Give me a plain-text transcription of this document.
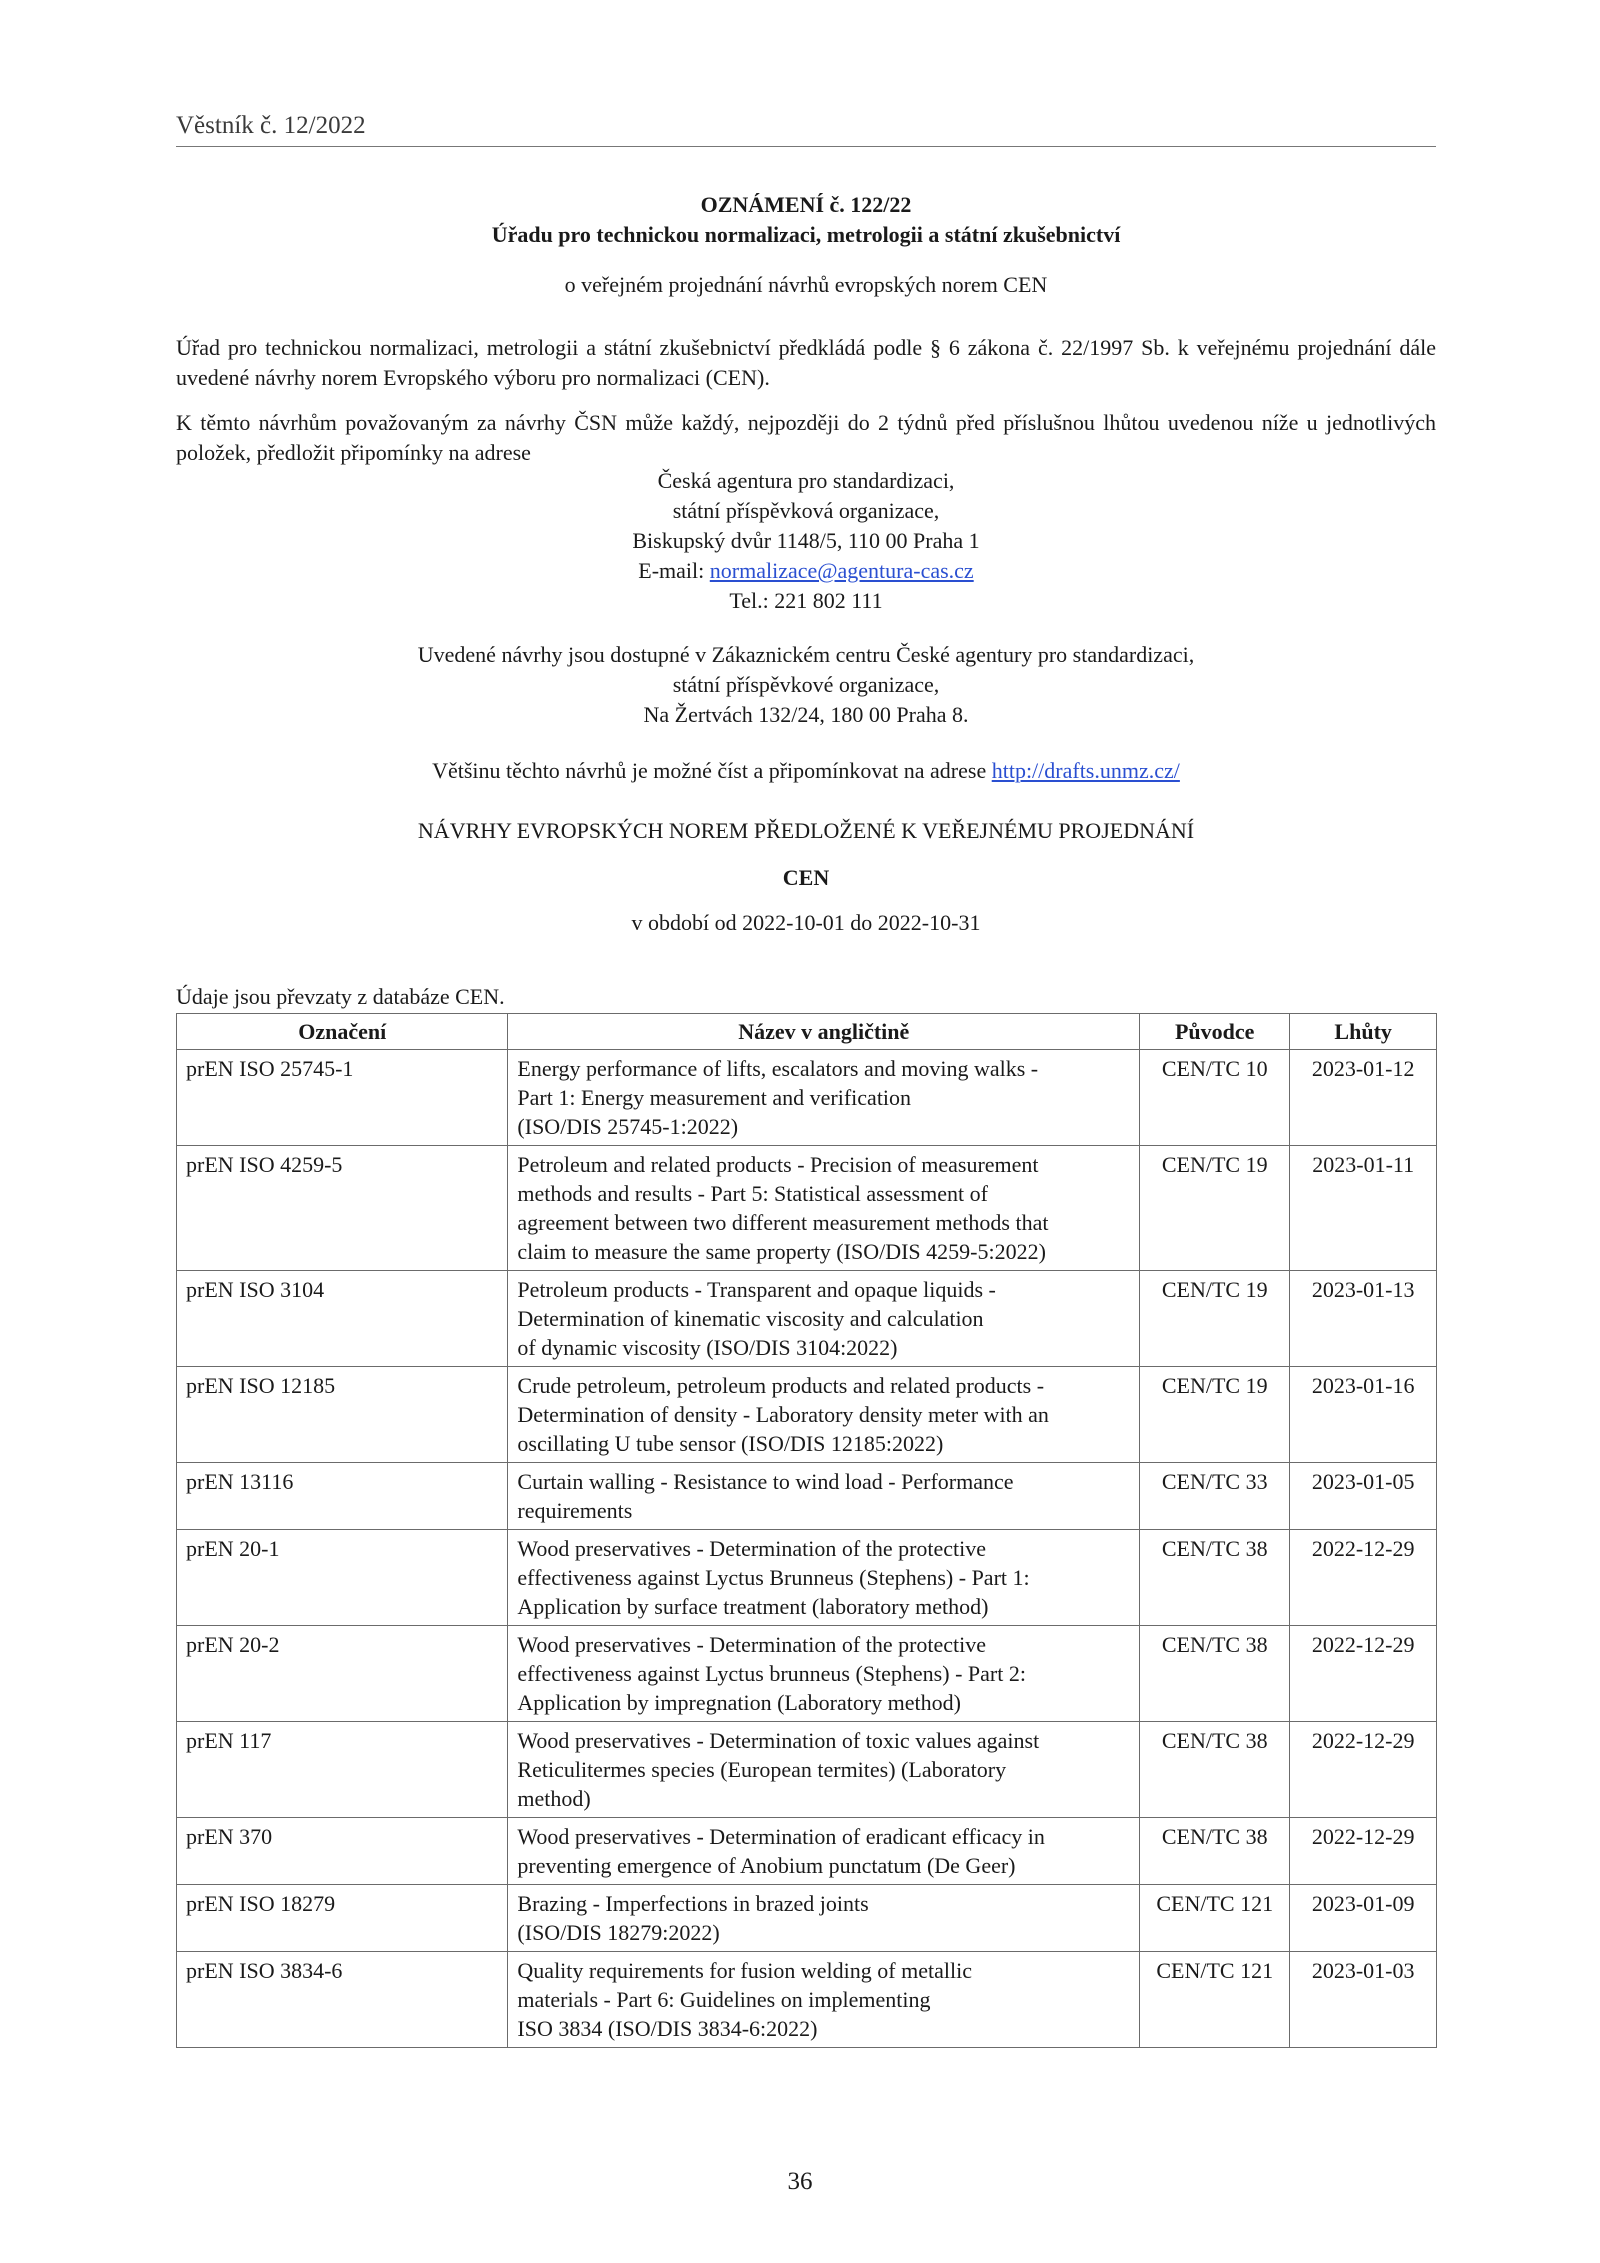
Věstník č. 12/2022
OZNÁMENÍ č. 122/22
Úřadu pro technickou normalizaci, metrologii a státní zkušebnictví
o veřejném projednání návrhů evropských norem CEN
Úřad pro technickou normalizaci, metrologii a státní zkušebnictví předkládá podle § 6 zákona č. 22/1997 Sb. k veřejnému projednání dále uvedené návrhy norem Evropského výboru pro normalizaci (CEN).
K těmto návrhům považovaným za návrhy ČSN může každý, nejpozději do 2 týdnů před příslušnou lhůtou uvedenou níže u jednotlivých položek, předložit připomínky na adrese
Česká agentura pro standardizaci,
státní příspěvková organizace,
Biskupský dvůr 1148/5, 110 00 Praha 1
E-mail: normalizace@agentura-cas.cz
Tel.: 221 802 111
Uvedené návrhy jsou dostupné v Zákaznickém centru České agentury pro standardizaci,
státní příspěvkové organizace,
Na Žertvách 132/24, 180 00 Praha 8.
Většinu těchto návrhů je možné číst a připomínkovat na adrese http://drafts.unmz.cz/
NÁVRHY EVROPSKÝCH NOREM PŘEDLOŽENÉ K VEŘEJNÉMU PROJEDNÁNÍ
CEN
v období od 2022-10-01 do 2022-10-31
Údaje jsou převzaty z databáze CEN.
Označení	Název v angličtině	Původce	Lhůty
prEN ISO 25745-1	Energy performance of lifts, escalators and moving walks -
Part 1: Energy measurement and verification
(ISO/DIS 25745-1:2022)	CEN/TC 10	2023-01-12
prEN ISO 4259-5	Petroleum and related products - Precision of measurement
methods and results - Part 5: Statistical assessment of
agreement between two different measurement methods that
claim to measure the same property (ISO/DIS 4259-5:2022)	CEN/TC 19	2023-01-11
prEN ISO 3104	Petroleum products - Transparent and opaque liquids -
Determination of kinematic viscosity and calculation
of dynamic viscosity (ISO/DIS 3104:2022)	CEN/TC 19	2023-01-13
prEN ISO 12185	Crude petroleum, petroleum products and related products -
Determination of density - Laboratory density meter with an
oscillating U tube sensor (ISO/DIS 12185:2022)	CEN/TC 19	2023-01-16
prEN 13116	Curtain walling - Resistance to wind load - Performance
requirements	CEN/TC 33	2023-01-05
prEN 20-1	Wood preservatives - Determination of the protective
effectiveness against Lyctus Brunneus (Stephens) - Part 1:
Application by surface treatment (laboratory method)	CEN/TC 38	2022-12-29
prEN 20-2	Wood preservatives - Determination of the protective
effectiveness against Lyctus brunneus (Stephens) - Part 2:
Application by impregnation (Laboratory method)	CEN/TC 38	2022-12-29
prEN 117	Wood preservatives - Determination of toxic values against
Reticulitermes species (European termites) (Laboratory
method)	CEN/TC 38	2022-12-29
prEN 370	Wood preservatives - Determination of eradicant efficacy in
preventing emergence of Anobium punctatum (De Geer)	CEN/TC 38	2022-12-29
prEN ISO 18279	Brazing - Imperfections in brazed joints
(ISO/DIS 18279:2022)	CEN/TC 121	2023-01-09
prEN ISO 3834-6	Quality requirements for fusion welding of metallic
materials - Part 6: Guidelines on implementing
ISO 3834 (ISO/DIS 3834-6:2022)	CEN/TC 121	2023-01-03
36
